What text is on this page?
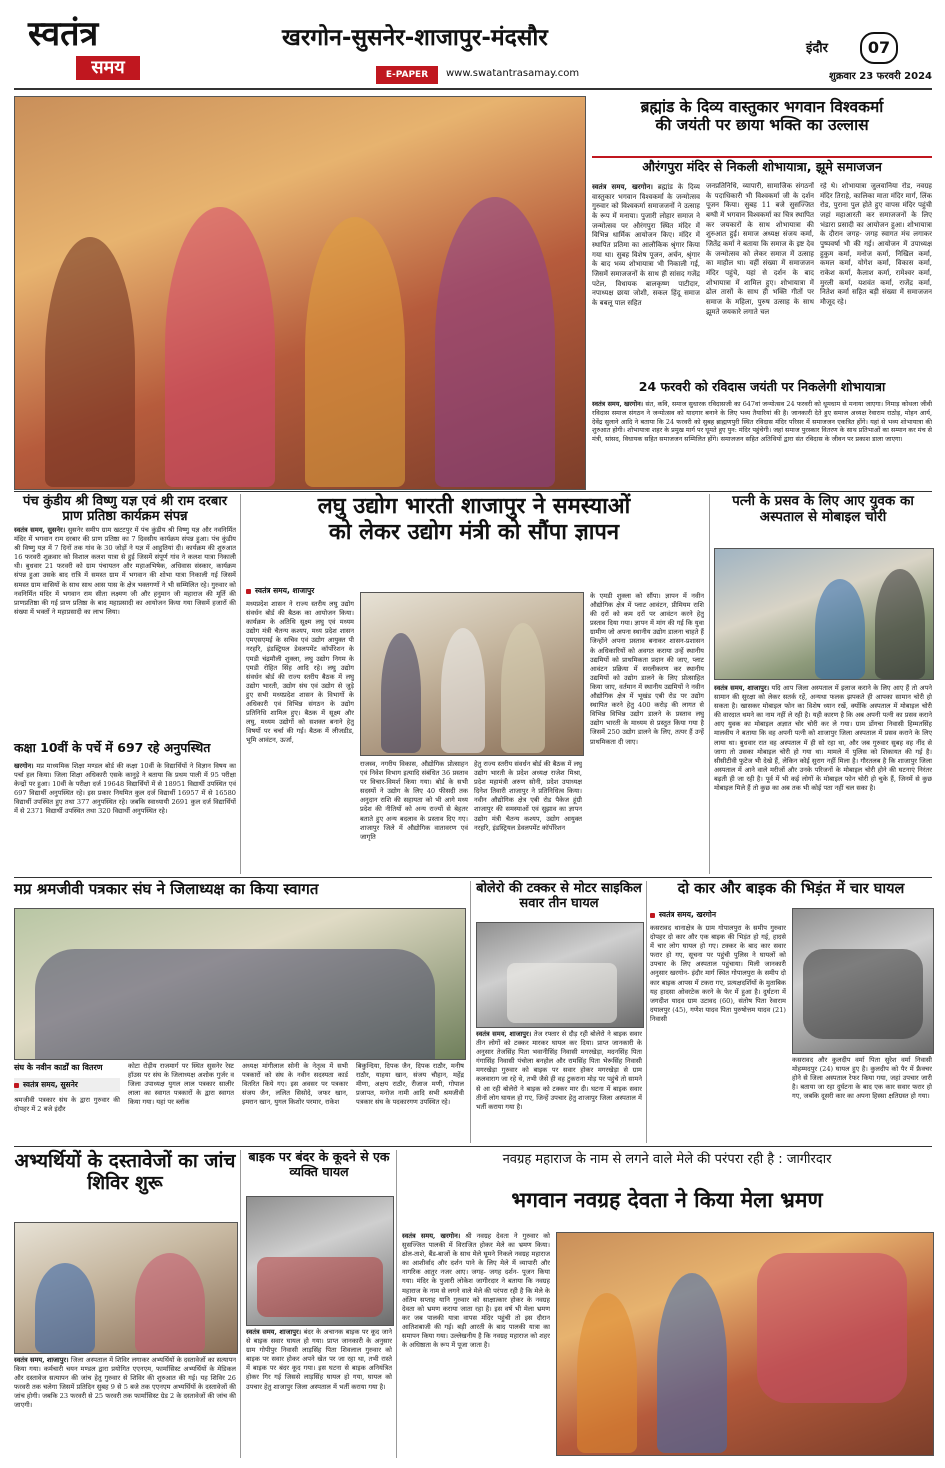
स्वतंत्र
समय
खरगोन-सुसनेर-शाजापुर-मंदसौर	इंदौर	07
E-PAPER	www.swatantrasamay.com	शुक्रवार 23 फरवरी 2024
ब्रह्मांड के दिव्य वास्तुकार भगवान विश्वकर्मा
की जयंती पर छाया भक्ति का उल्लास
औरंगपुरा मंदिर से निकली शोभायात्रा, झूमे समाजजन
स्वतंत्र समय, खरगोन। ब्रह्मांड के दिव्य वास्तुकार भगवान विश्वकर्मा के जन्मोत्सव गुरुवार को विश्वकर्मा समाजजनों ने उत्साह के रूप में मनाया। पुजारी लोहार समाज ने जन्मोत्सव पर औरंगपुरा स्थित मंदिर में विभिन्न धार्मिक आयोजन किए। मंदिर में स्थापित प्रतिमा का आलौकिक श्रृंगार किया गया था। सुबह विशेष पूजन, अर्चन, श्रृंगार के बाद भव्य शोभायात्रा भी निकाली गई, जिसमें समाजजनों के साथ ही सांसद गजेंद्र पटेल, विधायक बालकृष्ण पाटीदार, नपाध्यक्ष छाया जोशी, सकल हिंदू समाज के बबलू पाल सहित
जनप्रतिनिधि, व्यापारी, सामाजिक संगठनों के पदाधिकारी भी विश्वकर्मा जी के दर्शन पूजन किया। सुबह 11 बजे सुसज्जित बग्घी में भगवान विश्वकर्मा का चित्र स्थापित कर जयकारों के साथ शोभायात्रा की शुरुआत हुई। समाज अध्यक्ष संजय कर्मा, जितेंद्र कर्मा ने बताया कि समाज के इष्ट देव के जन्मोत्सव को लेकर समाज में उत्साह का माहौल था। वहीं संख्या में समाजजन मंदिर पहुंचे, यहां से दर्शन के बाद शोभायात्रा में शामिल हुए। शोभायात्रा में ढोल तासों के साथ ही भक्ति गीतों पर समाज के महिला, पुरुष उत्साह के साथ झूमते जयकारे लगाते चल
रहे थे। शोभायात्रा जुलवानिया रोड, नवग्रह मंदिर तिराहे, कालिका माता मंदिर मार्ग, लिंक रोड, पुराना पुल होते हुए वापस मंदिर पहुंची जहां महाआरती कर समाजजनों के लिए भंडारा प्रसादी का आयोजन हुआ। शोभायात्रा के दौरान जगह- जगह स्वागत मंच लगाकर पुष्पवर्षा भी की गई। आयोजन में उपाध्यक्ष हुकुम कर्मा, मनोज कर्मा, निखिल कर्मा, कमल कर्मा, योगेश कर्मा, विकास कर्मा, राकेश कर्मा, कैलाश कर्मा, रामेश्वर कर्मा, मुरली कर्मा, यशवंत कर्मा, राजेंद्र कर्मा, नितेश कर्मा सहित बड़ी संख्या में समाजजन मौजूद रहे।
24 फरवरी को रविदास जयंती पर निकलेगी शोभायात्रा
स्वतंत्र समय, खरगोन। संत, कवि, समाज सुधारक रविदासजी का 647वां जन्मोत्सव 24 फरवरी को धूमधाम से मनाया जाएगा। निमाड़ कोथला जीवी रविदास समाज संगठन ने जन्मोत्सव को यादगार बनाने के लिए भव्य तैयारियां की है। जानकारी देते हुए समाज अध्यक्ष रेवाराम राठोड़, मोहन आर्य, देवेंद्र सुलाने आदि ने बताया कि 24 फरवरी को सुबह ब्राह्मणपुरी स्थित रविदास मंदिर परिसर में समाजजन एकत्रित होंगे। यहां से भव्य शोभायात्रा की शुरुआत होगी। शोभायात्रा शहर के प्रमुख मार्ग पर घूमते हुए पुन: मंदिर पहुंचेगी। जहां समाज पुरस्कार वितरण के साथ प्रतिभाओं का सम्मान कर मंच से मंत्री, सांसद, विधायक सहित समाजजन सम्मिलित होंगे। समाजजन सहित अतिथियों द्वारा संत रविदास के जीवन पर प्रकाश डाला जाएगा।
पंच कुंडीय श्री विष्णु यज्ञ एवं श्री राम दरबार प्राण प्रतिष्ठा कार्यक्रम संपन्न
स्वतंत्र समय, सुसनेर। सुसनेर समीप ग्राम खटटपुर में पंच कुंडीय श्री विष्णु यज्ञ और नवनिर्मित मंदिर में भगवान राम दरबार की प्राण प्रतिष्ठा का 7 दिवसीय कार्यक्रम संपन्न हुआ। पंच कुंडीय श्री विष्णु यज्ञ में 7 दिनों तक गांव के 30 जोड़ों ने यज्ञ में आहुतियां दी। कार्यक्रम की शुरुआत 16 फरवरी शुक्रवार को विशाल कलश यात्रा से हुई जिसमें संपूर्ण गांव ने कलश यात्रा निकाली थी। बुधवार 21 फरवरी को ग्राम पंचायतन और महाअभिषेक, अधिवास संस्कार, कार्यक्रम संपन्न हुआ उसके बाद रात्रि में समस्त ग्राम में भगवान की शोभा यात्रा निकाली गई जिसमें समस्त ग्राम वासियों के साथ साथ आस पास के क्षेत्र भक्तगणों ने भी सम्मिलित रहे। गुरुवार को नवनिर्मित मंदिर में भगवान राम सीता लक्ष्मण जी और हनुमान जी महाराज की मूर्ति की प्राणप्रतिष्ठा की गई प्राण प्रतिष्ठा के बाद महाप्रसादी का आयोजन किया गया जिसमें हजारों की संख्या में भक्तों ने महाप्रसादी का लाभ लिया।
कक्षा 10वीं के पर्चे में 697 रहे अनुपस्थित
खरगोन। मप्र माध्यमिक शिक्षा मण्डल बोर्ड की कक्षा 10वीं के विद्यार्थियों ने विज्ञान विषय का पर्चा हल किया। जिला शिक्षा अधिकारी एसके कानुड़े ने बताया कि प्रथम पाली में 95 परीक्षा केन्द्रों पर हुआ। 10वीं के परीक्षा दर्ज 19648 विद्यार्थियों में से 18951 विद्यार्थी उपस्थित एवं 697 विद्यार्थी अनुपस्थित रहे। इस प्रकार नियमित कुल दर्ज विद्यार्थी 16957 में से 16580 विद्यार्थी उपस्थित हुए तथा 377 अनुपस्थित रहे। जबकि स्वाध्यायी 2691 कुल दर्ज विद्यार्थियों में से 2371 विद्यार्थी उपस्थित तथा 320 विद्यार्थी अनुपस्थित रहे।
लघु उद्योग भारती शाजापुर ने समस्याओं
को लेकर उद्योग मंत्री को सौंपा ज्ञापन
स्वतंत्र समय, शाजापुर
मध्यप्रदेश शासन ने राज्य स्तरीय लघु उद्योग संवर्धन बोर्ड की बैठक का आयोजन किया। कार्यक्रम के अतिथि सूक्ष्म लघु एवं मध्यम उद्योग मंत्री चैतन्य कश्यप, मध्य प्रदेश शासन एमएसएमई के सचिव एवं उद्योग आयुक्त पी नरहरि, इंडस्ट्रियल डेवलपमेंट कॉर्पोरेशन के एमडी चंद्रमौली शुक्ला, लघु उद्योग निगम के एमडी रोहित सिंह आदि रहे। लघु उद्योग संवर्धन बोर्ड की राज्य स्तरीय बैठक में लघु उद्योग भारती, उद्योग संघ एवं उद्योग से जुड़े हुए सभी मध्यप्रदेश शासन के विभागों के अधिकारी एवं विभिन्न संगठन के उद्योग प्रतिनिधि शामिल हुए। बैठक में सूक्ष्म और लघु, मध्यम उद्योगों को सशक्त बनाने हेतु विषयों पर चर्चा की गई। बैठक में लीजडीड, भूमि आवंटन, ऊर्जा,
राजस्व, नगरीय विकास, औद्योगिक प्रोत्साहन एवं निवेश विभाग इत्यादि संबंधित 36 प्रस्ताव पर विचार-विमर्श किया गया। बोर्ड के सभी सदस्यों ने उद्योग के लिए 40 फीसदी तक अनुदान राशि की सहायता को भी आगे मध्य प्रदेश की नीतियों को अन्य राज्यों से बेहतर बताते हुए अन्य बदलाव के प्रस्ताव दिए गए। शाजापुर जिले में औद्योगिक वातावरण एवं जागृति
हेतु राज्य स्तरीय संवर्धन बोर्ड की बैठक में लघु उद्योग भारती के प्रदेश अध्यक्ष राजेश मिश्रा, प्रदेश महामंत्री अरुण सोनी, प्रदेश उपाध्यक्ष दिनेश तिवारी शाजापुर ने प्रतिनिधित्व किया। नवीन औद्योगिक क्षेत्र एबी रोड पैकेज हूंग्री शाजापुर की समस्याओं एवं सुझाव का ज्ञापन उद्योग मंत्री चैतन्य कश्यप, उद्योग आयुक्त नरहरि, इंडस्ट्रियल डेवलपमेंट कॉर्पोरेशन
के एमडी शुक्ला को सौंपा। ज्ञापन में नवीन औद्योगिक क्षेत्र में प्लाट आवंटन, प्रीमियम राशि की दरों को कम दरों पर आवंटन करने हेतु प्रस्ताव दिया गया। ज्ञापन में मांग की गई कि युवा ग्रामीण जो अपना स्थानीय उद्योग डालना चाहते हैं जिन्होंने अपना प्रस्ताव बनाकर शासन-प्रशासन के अधिकारियों को अवगत कराया उन्हें स्थानीय उद्यमियों को प्राथमिकता प्रदान की जाए, प्लाट आवंटन प्रक्रिया में सरलीकरण कर स्थानीय उद्यमियों को उद्योग डालने के लिए प्रोत्साहित किया जाए, वर्तमान में स्थानीय उद्यमियों ने नवीन औद्योगिक क्षेत्र में भूखंड एबी रोड पर उद्योग स्थापित करने हेतु 400 करोड़ की लागत से विभिन्न विभिन्न उद्योग डालने के प्रस्ताव लघु उद्योग भारती के माध्यम से प्रस्तुत किया गया है जिसमें 250 उद्योग डालने के लिए, तत्पर हैं उन्हें प्राथमिकता दी जाए।
पत्नी के प्रसव के लिए आए युवक का अस्पताल से मोबाइल चोरी
स्वतंत्र समय, शाजापुर। यदि आप जिला अस्पताल में इलाज कराने के लिए आए हैं तो अपने सामान की सुरक्षा को लेकर सतर्क रहें, अन्यथा फलक झपकते ही आपका सामान चोरी हो सकता है। खासकर मोबाइल फोन का विशेष ध्यान रखें, क्योंकि अस्पताल में मोबाइल चोरी की वारदात थमने का नाम नहीं ले रही है। यही कारण है कि अब अपनी पत्नी का प्रसव कराने आए युवक का मोबाइल अज्ञात चोर चोरी कर ले गया। ग्राम डोंगचा निवासी हिम्मतसिंह मालवीय ने बताया कि वह अपनी पत्नी को शाजापुर जिला अस्पताल में प्रसव कराने के लिए लाया था। बुधवार रात वह अस्पताल में ही सो रहा था, और जब गुरुवार सुबह वह नींद से जागा तो उसका मोबाइल चोरी हो गया था। मामले में पुलिस को शिकायत की गई है। सीसीटीवी फुटेज भी देखे हैं, लेकिन कोई सुराग नहीं मिला है। गौरतलब है कि शाजापुर जिला अस्पताल में आने वाले मरीजों और उनके परिजनों के मोबाइल चोरी होने की घटनाएं निरंतर बढ़ती ही जा रही है। पूर्व में भी कई लोगों के मोबाइल फोन चोरी हो चुके हैं, जिनमें से कुछ मोबाइल मिले हैं तो कुछ का अब तक भी कोई पता नहीं चल सका है।
मप्र श्रमजीवी पत्रकार संघ ने जिलाध्यक्ष का किया स्वागत
संघ के नवीन कार्डों का वितरण
स्वतंत्र समय, सुसनेर
श्रमजीवी पत्रकार संघ के द्वारा गुरुवार की दोपहर में 2 बजे इंदौर
कोटा रोड़ीय राजमार्ग पर स्थित सुसनेर रेस्ट हॉउस पर संघ के जिलाध्यक्ष अशोक गुर्जर व जिला उपाध्यक्ष युगल लाल पत्रकार सालीर लाला का स्वागत पत्रकारों के द्वारा स्वागत किया गया। यहां पर ब्लॉक
अध्यक्ष मांगीलाल सोनी के नेतृत्व में सभी पत्रकारों को संघ के नवीन सदस्यता कार्ड वितरित किये गए। इस अवसर पर पत्रकार संजय जैन, ललित सिसोदे, जफर खान, इमरान खान, युगल किशोर परमार, राकेश
बिकुन्दिया, दिपक जैन, दिपक राठौर, मनीष राठौर, याहया खान, संजय चौहान, महेंद्र मीणा, अक्षय राठौर, रीजाज मणी, गोपाल प्रजापत, मनोज नामी आदि सभी श्रमजीवी पत्रकार संघ के पदकारगण उपस्थित रहे।
बोलेरो की टक्कर से मोटर साइकिल सवार तीन घायल
स्वतंत्र समय, शाजापुर। तेज रफ्तार से दौड़ रही बोलेरो ने बाइक सवार तीन लोगों को टक्कर मारकर घायल कर दिया। प्राप्त जानकारी के अनुसार तेजसिंह पिता भवानीसिंह निवासी मगरखेड़ा, मदनसिंह पिता गंगासिंह निवासी पंचोला बनहोल और रामसिंह पिता भेरूसिंह निवासी मगरखेड़ा गुरुवार को बाइक पर सवार होकर मगरखेड़ा से ग्राम कलवाराग जा रहे थे, तभी जैसे ही वह टुकराना मोड़ पर पहुंचे तो सामने से आ रही बोलेरो ने बाइक को टक्कर मार दी। घटना में बाइक सवार तीनों लोग घायल हो गए, जिन्हें उपचार हेतु शाजापुर जिला अस्पताल में भर्ती कराया गया है।
दो कार और बाइक की भिड़ंत में चार घायल
स्वतंत्र समय, खरगोन
कसरावद थानाक्षेत्र के ग्राम गोपालपुरा के समीप गुरुवार दोपहर दो कार और एक बाइक की भिड़ंत हो गई, हादसे में चार लोग घायल हो गए। टक्कर के बाद कार सवार फरार हो गए, सूचना पर पहुंची पुलिस ने घायलों को उपचार के लिए अस्पताल पहुंचाया। मिली जानकारी अनुसार खरगोन- इंदौर मार्ग स्थित गोपालपुरा के समीप दो कार बाइक आपस में टकरा गए, प्रत्यक्षदर्शियों के मुताबिक यह हादसा ओवरटेक करने के फेर में हुआ है। दुर्घटना में जगदीश यादव ग्राम उटावद (60), संतोष पिता रेवाराम दयालपुर (45), गणेश यादव पिता पुरुषोत्तम यादव (21) निवासी
कसरावद और कुलदीप वर्मा पिता सुरेश वर्मा निवासी मोहम्मदपुर (24) घायल हुए है। कुलदीप को पैर में फ्रैक्चर होने से जिला अस्पताल रेफर किया गया, जहां उपचार जारी है। बताया जा रहा दुर्घटना के बाद एक कार सवार फरार हो गए, जबकि दूसरी कार का अपना हिस्सा क्षतिग्रस्त हो गया।
अभ्यर्थियों के दस्तावेजों का जांच शिविर शुरू
स्वतंत्र समय, शाजापुर। जिला अस्पताल में शिविर लगाकर अभ्यर्थियों के दस्तावेजों का सत्यापन किया गया। कर्मचारी चयन मण्डल द्वारा प्रयोगित एएनएम, फार्मासिस्ट अभ्यर्थियों के मेडिकल और दस्तावेज सत्यापन की जांच हेतु गुरुवार से शिविर की शुरुआत की गई। यह शिविर 26 फरवरी तक चलेगा जिसमें प्रतिदिन सुबह 9 से 5 बजे तक एएनएम अभ्यर्थियों के दस्तावेजों की जांच होगी। जबकि 23 फरवरी से 25 फरवरी तक फार्मासिस्ट ग्रेड 2 के दस्तावेजों की जांच की जाएगी।
बाइक पर बंदर के कूदने से एक व्यक्ति घायल
स्वतंत्र समय, शाजापुर। बंदर के अचानक बाइक पर कूद जाने से बाइक सवार घायल हो गया। प्राप्त जानकारी के अनुसार ग्राम गोपीपुर निवासी लाड़सिंह पिता शिवलाल गुरुवार को बाइक पर सवार होकर अपने खेत पर जा रहा था, तभी रास्ते में बाइक पर बंदर कूद गया। इस घटना से बाइक अनियंत्रित होकर गिर गई जिससे लाड़सिंह घायल हो गया, घायल को उपचार हेतु शाजापुर जिला अस्पताल में भर्ती कराया गया है।
नवग्रह महाराज के नाम से लगने वाले मेले की परंपरा रही है : जागीरदार
भगवान नवग्रह देवता ने किया मेला भ्रमण
स्वतंत्र समय, खरगोन। श्री नवग्रह देवता ने गुरुवार को सुसज्जित पालकी में विराजित होकर मेले का भ्रमण किया। ढोल-ताशे, बैंड-बाजों के साथ मेले घूमने निकले नवग्रह महाराज का आशीर्वाद और दर्शन पाने के लिए मेले में व्यापारी और नागरिक आतुर नजर आए। जगह- जगह दर्शन- पूजन किया गया। मंदिर के पुजारी लोकेश जागीरदार ने बताया कि नवग्रह महाराज के नाम से लगने वाले मेले की परंपरा रही है कि मेले के अंतिम सप्ताह यानि गुरुवार को साक्षात्कार होकर के नवग्रह देवता को भ्रमण कराया जाता रहा है। इस वर्ष भी मेला भ्रमण कर जब पालकी यात्रा वापस मंदिर पहुंची तो इस दौरान आतिशबाजी की गई। बड़ी आरती के बाद पालकी यात्रा का समापन किया गया। उल्लेखनीय है कि नवग्रह महाराज को शहर के अधिष्ठाता के रूप में पूजा जाता है।
